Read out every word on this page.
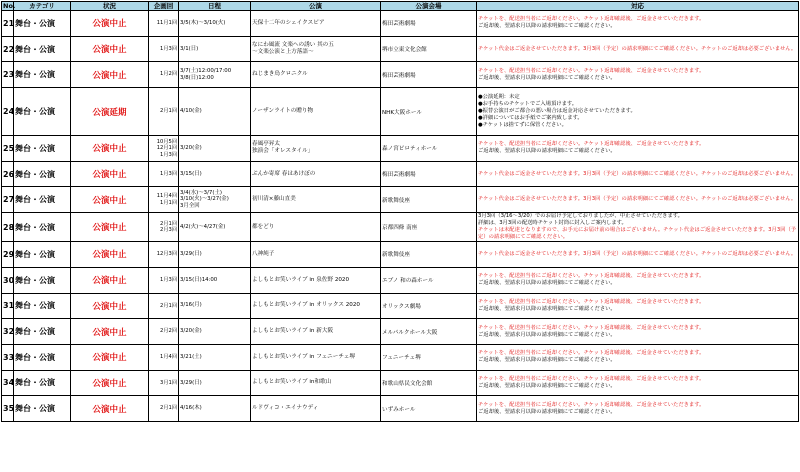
No.	カテゴリ	状況	企画回	日程	公演	公演会場	対応
21	舞台・公演	公演中止	11月1回	3/5(木)～3/10(火)	天保十二年のシェイクスピア	梅田芸術劇場	チケットを、配送担当者にご返却ください。チケット返却確認後、ご返金させていただきます。
ご返却後、翌請求月以降の請求明細にてご確認ください。

22	舞台・公演	公演中止	1月3回	3/1(日)	なにわ風流 文楽への誘い 其の五
～文楽公演と上方落語～	堺市立東文化会館	チケット代金はご返金させていただきます。3月3回（予定）の請求明細にてご確認ください。チケットのご返却は必要ございません。

23	舞台・公演	公演中止	1月2回	3/7(土)12:00/17:00
3/8(日)12:00	ねじまき鳥クロニクル	梅田芸術劇場	チケットを、配送担当者にご返却ください。チケット返却確認後、ご返金させていただきます。
ご返却後、翌請求月以降の請求明細にてご確認ください。

24	舞台・公演	公演延期	2月1回	4/10(金)	ノーザンライトの贈り物	NHK大阪ホール	●公演延期：未定
●お手持ちのチケットでご入場頂けます。
●振替公演日がご都合の悪い場合は返金対応させていただきます。
●詳細についてはお手紙でご案内致します。
●チケットは捨てずに保管ください。

25	舞台・公演	公演中止	10月5回
12月1回
1月3回	3/20(金)	春風亭昇太
独演会「オレスタイル」	森ノ宮ピロティホール	チケットを、配送担当者にご返却ください。チケット返却確認後、ご返金させていただきます。
ご返却後、翌請求月以降の請求明細にてご確認ください。

26	舞台・公演	公演中止	1月3回	3/15(日)	ぶんか寄席 春はあけぼの	梅田芸術劇場	チケット代金はご返金させていただきます。3月3回（予定）の請求明細にてご確認ください。チケットのご返却は必要ございません。

27	舞台・公演	公演中止	11月4回
1月1回	3/4(水)～3/7(土)
3/10(火)～3/27(金)
3月全回	初川清×藤山直美	新歌舞伎座	チケット代金はご返金させていただきます。3月3回（予定）の請求明細にてご確認ください。チケットのご返却は必要ございません。

28	舞台・公演	公演中止	2月1回
2月3回	4/2(火)～4/27(金)	都をどり	京都四條 南座	3月3回（3/16～3/20）でのお届け予定しておりましたが、中止させていただきます。
詳細は、3月3回の配送時チケット封筒に封入しご案内します。
チケットは未配達となりますので、お手元にお届け前の場合はございません。チケット代金はご返金させていただきます。3月3回（予定）の請求明細にてご確認ください。

29	舞台・公演	公演中止	12月3回	3/29(日)	八神純子	新歌舞伎座	チケット代金はご返金させていただきます。3月3回（予定）の請求明細にてご確認ください。チケットのご返却は必要ございません。

30	舞台・公演	公演中止	1月3回	3/15(日)14:00	よしもとお笑いライブ in 泉佐野 2020	エブノ 和の森ホール	チケットを、配送担当者にご返却ください。チケット返却確認後、ご返金させていただきます。
ご返却後、翌請求月以降の請求明細にてご確認ください。

31	舞台・公演	公演中止	2月1回	3/16(月)	よしもとお笑いライブ in オリックス 2020	オリックス劇場	チケットを、配送担当者にご返却ください。チケット返却確認後、ご返金させていただきます。
ご返却後、翌請求月以降の請求明細にてご確認ください。

32	舞台・公演	公演中止	2月2回	3/20(金)	よしもとお笑いライブ in 新大阪	メルパルクホール大阪	チケットを、配送担当者にご返却ください。チケット返却確認後、ご返金させていただきます。
ご返却後、翌請求月以降の請求明細にてご確認ください。

33	舞台・公演	公演中止	1月4回	3/21(土)	よしもとお笑いライブ in フェニーチェ堺	フェニーチェ堺	チケットを、配送担当者にご返却ください。チケット返却確認後、ご返金させていただきます。
ご返却後、翌請求月以降の請求明細にてご確認ください。

34	舞台・公演	公演中止	3月1回	3/29(日)	よしもとお笑いライブ in和歌山	和歌山県民文化会館	チケットを、配送担当者にご返却ください。チケット返却確認後、ご返金させていただきます。
ご返却後、翌請求月以降の請求明細にてご確認ください。

35	舞台・公演	公演中止	2月1回	4/16(木)	ルドヴィコ・エイナウディ	いずみホール	チケットを、配送担当者にご返却ください。チケット返却確認後、ご返金させていただきます。
ご返却後、翌請求月以降の請求明細にてご確認ください。
